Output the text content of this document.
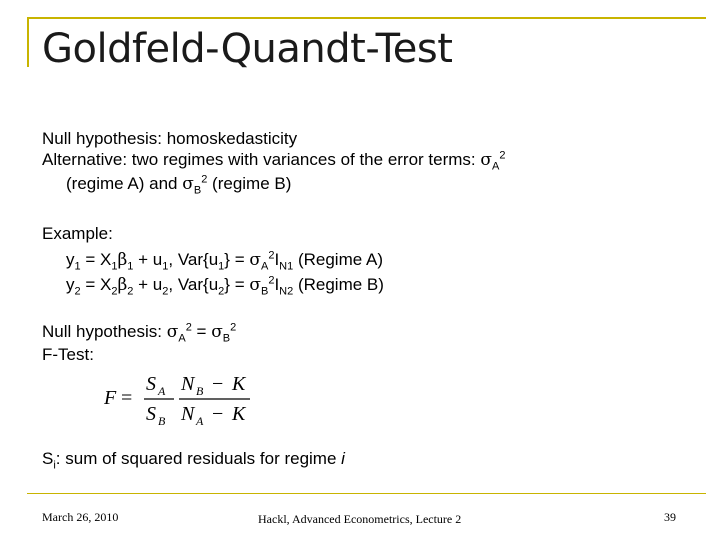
Goldfeld-Quandt-Test
Null hypothesis: homoskedasticity
Alternative: two regimes with variances of the error terms: $\sigma_A^2$
(regime A) and $\sigma_B^2$ (regime B)
Example:
$y_1 = X_1\beta_1 + u_1$, $Var\{u_1\} = \sigma_A^2I_{N1}$ (Regime A)
$y_2 = X_2\beta_2 + u_2$, $Var\{u_2\} = \sigma_B^2I_{N2}$ (Regime B)
Null hypothesis: $\sigma_A^2 = \sigma_B^2$
F-Test:
F =
S
S
A
B
N
N
K
K
B
A
−
−
$S_i$: sum of squared residuals for regime i
March 26, 2010	Hackl, Advanced Econometrics, Lecture 2	39
